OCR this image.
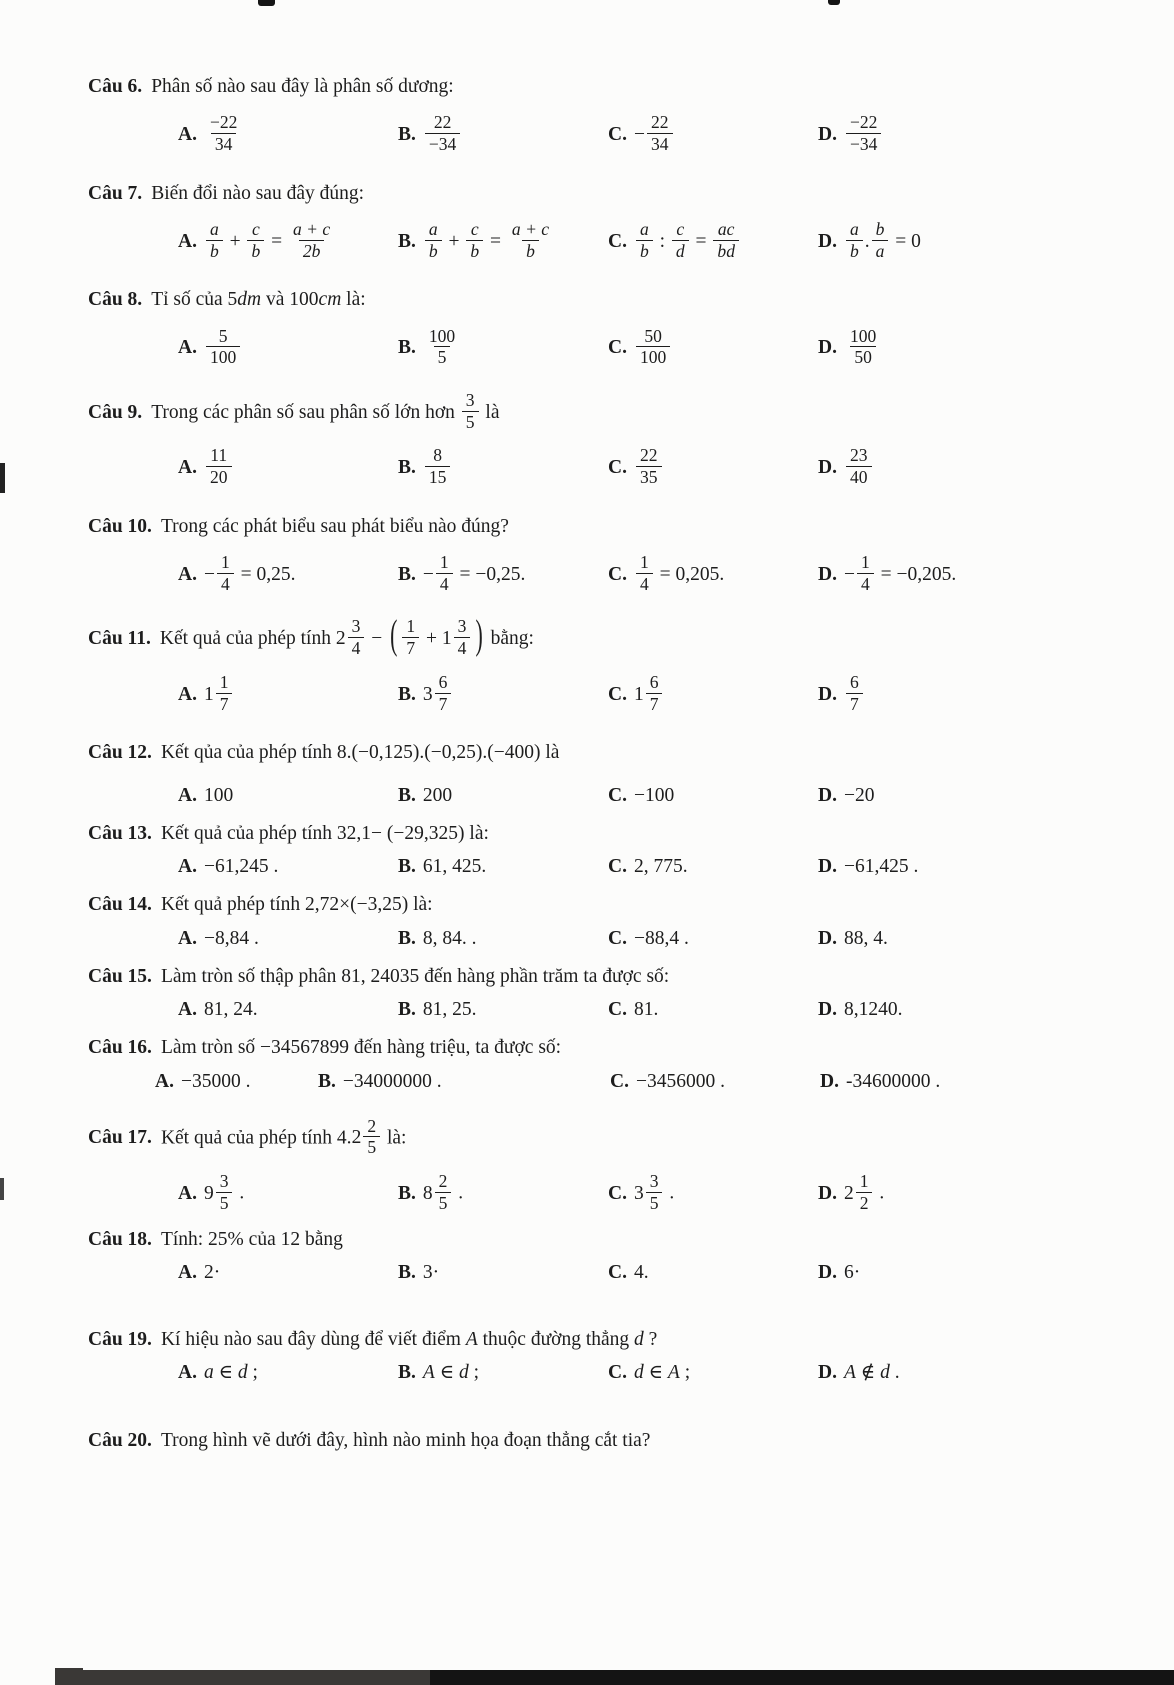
Câu 6. Phân số nào sau đây là phân số dương:
A. $\frac{-22}{34}$	B. $\frac{22}{-34}$	C. − $\frac{22}{34}$	D. $\frac{-22}{-34}$
Câu 7. Biến đổi nào sau đây đúng:
A. $\frac{a}{b} + \frac{c}{b} = \frac{a + c}{2b}$	B. $\frac{a}{b} + \frac{c}{b} = \frac{a + c}{b}$	C. $\frac{a}{b}$ : $\frac{c}{d} = \frac{ac}{bd}$	D. $\frac{a}{b}$ . $\frac{b}{a} = 0$
Câu 8. Tỉ số của 5dm và 100cm là:
A. $\frac{5}{100}$	B. $\frac{100}{5}$	C. $\frac{50}{100}$	D. $\frac{100}{50}$
Câu 9. Trong các phân số sau phân số lớn hơn $\frac{3}{5}$ là
A. $\frac{11}{20}$	B. $\frac{8}{15}$	C. $\frac{22}{35}$	D. $\frac{23}{40}$
Câu 10. Trong các phát biểu sau phát biểu nào đúng?
A. − $\frac{1}{4} = 0,25$.	B. − $\frac{1}{4} = -0,25$.	C. $\frac{1}{4} = 0,205$.	D. − $\frac{1}{4} = -0,205$.
Câu 11. Kết quả của phép tính $2 \frac{3}{4}$ − ( $\frac{1}{7} + 1 \frac{3}{4}$ ) bằng:
A. $1 \frac{1}{7}$	B. $3 \frac{6}{7}$	C. $1 \frac{6}{7}$	D. $\frac{6}{7}$
Câu 12. Kết qủa của phép tính 8.(−0,125).(−0,25).(−400) là
A. 100	B. 200	C. −100	D. −20
Câu 13. Kết quả của phép tính 32,1− (−29,325) là:
A. −61,245 .	B. 61, 425.	C. 2, 775.	D. −61,425 .
Câu 14. Kết quả phép tính 2,72×(−3,25) là:
A. −8,84 .	B. 8, 84. .	C. −88,4 .	D. 88, 4.
Câu 15. Làm tròn số thập phân 81, 24035 đến hàng phần trăm ta được số:
A. 81, 24.	B. 81, 25.	C. 81.	D. 8,1240.
Câu 16. Làm tròn số −34567899 đến hàng triệu, ta được số:
A. −35000 .	B. −34000000 .	C. −3456000 .	D. -34600000 .
Câu 17. Kết quả của phép tính $4.2 \frac{2}{5}$ là:
A. $9 \frac{3}{5}$ .	B. $8 \frac{2}{5}$ .	C. $3 \frac{3}{5}$ .	D. $2 \frac{1}{2}$ .
Câu 18. Tính: 25% của 12 bằng
A. 2·	B. 3·	C. 4.	D. 6·
Câu 19. Kí hiệu nào sau đây dùng để viết điểm A thuộc đường thẳng d ?
A. a ∈ d ;	B. A ∈ d ;	C. d ∈ A ;	D. A ∉ d .
Câu 20. Trong hình vẽ dưới đây, hình nào minh họa đoạn thẳng cắt tia?
